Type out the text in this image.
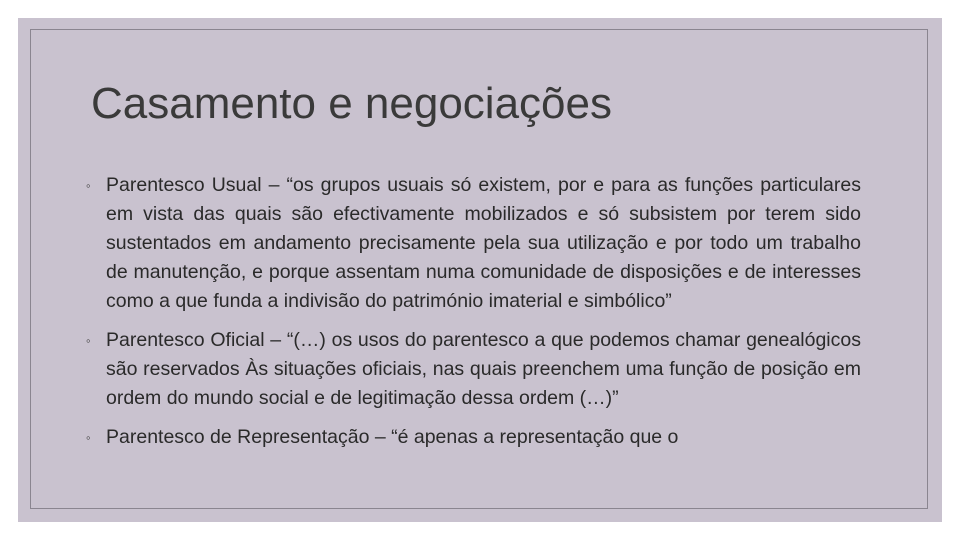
Casamento e negociações
◦ Parentesco Usual – “os grupos usuais só existem, por e para as funções particulares em vista das quais são efectivamente mobilizados e só subsistem por terem sido sustentados em andamento precisamente pela sua utilização e por todo um trabalho de manutenção, e porque assentam numa comunidade de disposições e de interesses como a que funda a indivisão do património imaterial e simbólico”
◦ Parentesco Oficial – “(…) os usos do parentesco a que podemos chamar genealógicos são reservados Às situações oficiais, nas quais preenchem uma função de posição em ordem do mundo social e de legitimação dessa ordem (…)”
◦ Parentesco de Representação – “é apenas a representação que o
